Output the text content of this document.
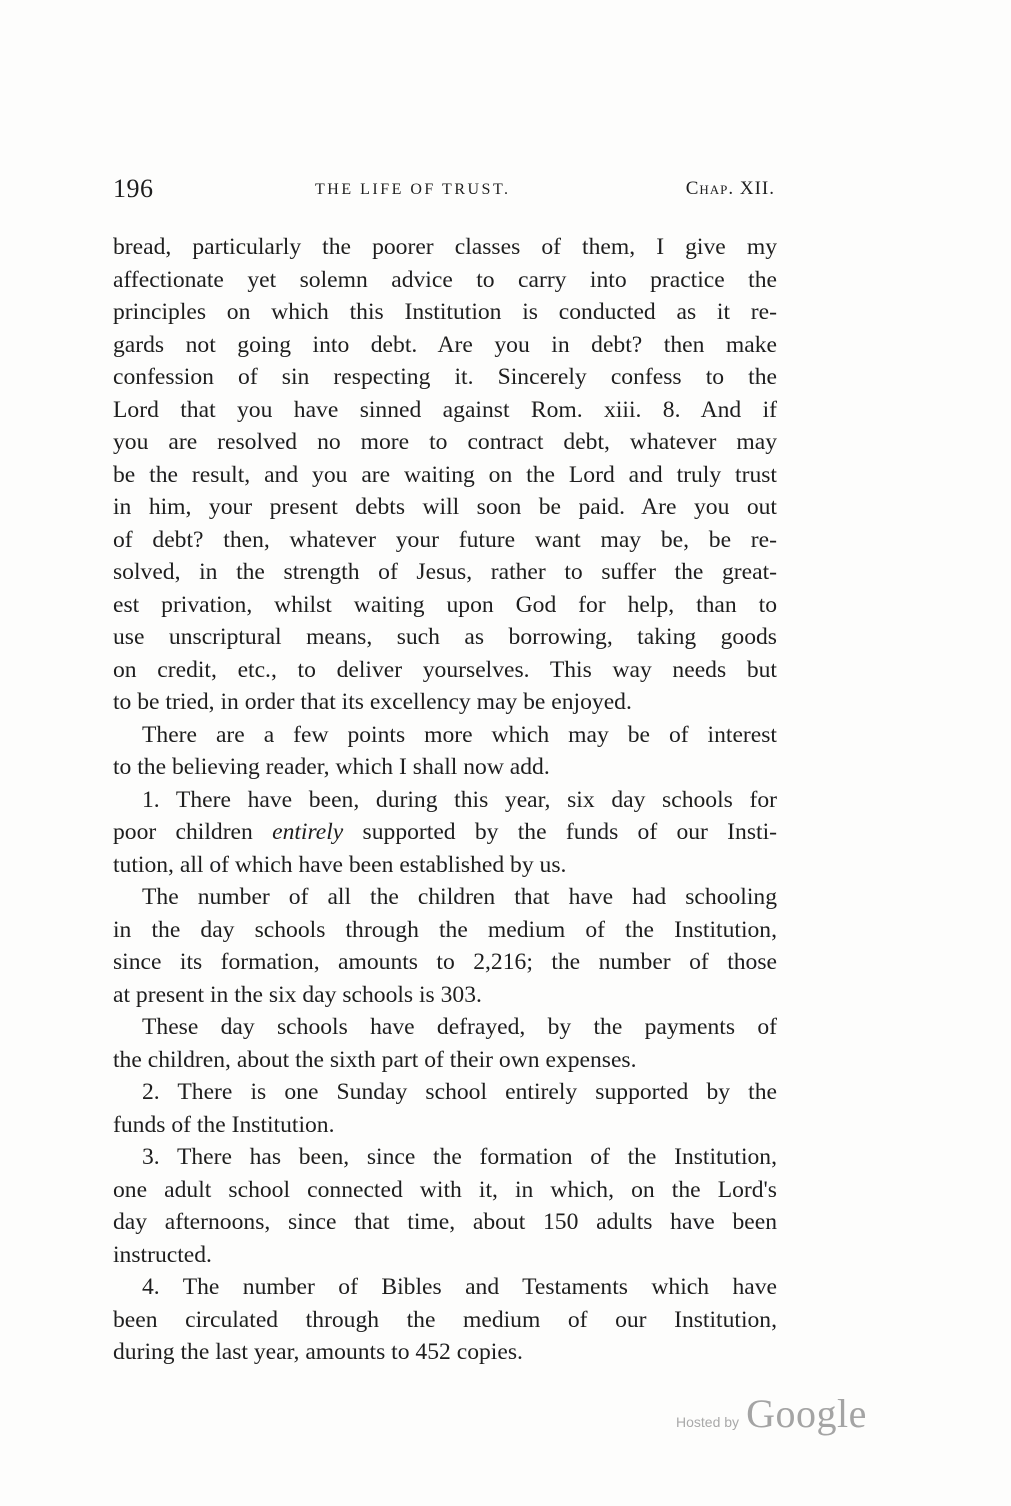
196	THE LIFE OF TRUST.	Chap. XII.
bread, particularly the poorer classes of them, I give my
affectionate yet solemn advice to carry into practice the
principles on which this Institution is conducted as it re-
gards not going into debt. Are you in debt? then make
confession of sin respecting it. Sincerely confess to the
Lord that you have sinned against Rom. xiii. 8. And if
you are resolved no more to contract debt, whatever may
be the result, and you are waiting on the Lord and truly trust
in him, your present debts will soon be paid. Are you out
of debt? then, whatever your future want may be, be re-
solved, in the strength of Jesus, rather to suffer the great-
est privation, whilst waiting upon God for help, than to
use unscriptural means, such as borrowing, taking goods
on credit, etc., to deliver yourselves. This way needs but
to be tried, in order that its excellency may be enjoyed.
There are a few points more which may be of interest
to the believing reader, which I shall now add.
1. There have been, during this year, six day schools for
poor children entirely supported by the funds of our Insti-
tution, all of which have been established by us.
The number of all the children that have had schooling
in the day schools through the medium of the Institution,
since its formation, amounts to 2,216; the number of those
at present in the six day schools is 303.
These day schools have defrayed, by the payments of
the children, about the sixth part of their own expenses.
2. There is one Sunday school entirely supported by the
funds of the Institution.
3. There has been, since the formation of the Institution,
one adult school connected with it, in which, on the Lord's
day afternoons, since that time, about 150 adults have been
instructed.
4. The number of Bibles and Testaments which have
been circulated through the medium of our Institution,
during the last year, amounts to 452 copies.
Hosted by Google
